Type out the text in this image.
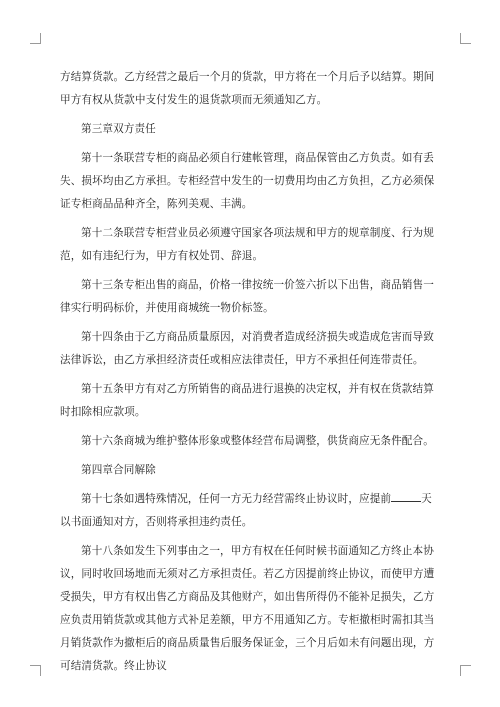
方结算货款。乙方经营之最后一个月的货款，甲方将在一个月后予以结算。期间甲方有权从货款中支付发生的退货款项而无须通知乙方。

第三章双方责任

第十一条联营专柜的商品必须自行建帐管理，商品保管由乙方负责。如有丢失、损坏均由乙方承担。专柜经营中发生的一切费用均由乙方负担，乙方必须保证专柜商品品种齐全，陈列美观、丰满。

第十二条联营专柜营业员必须遵守国家各项法规和甲方的规章制度、行为规范，如有违纪行为，甲方有权处罚、辞退。

第十三条专柜出售的商品，价格一律按统一价签六折以下出售，商品销售一律实行明码标价，并使用商城统一物价标签。

第十四条由于乙方商品质量原因，对消费者造成经济损失或造成危害而导致法律诉讼，由乙方承担经济责任或相应法律责任，甲方不承担任何连带责任。

第十五条甲方有对乙方所销售的商品进行退换的决定权，并有权在货款结算时扣除相应款项。

第十六条商城为维护整体形象或整体经营布局调整，供货商应无条件配合。

第四章合同解除

第十七条如遇特殊情况，任何一方无力经营需终止协议时，应提前	天以书面通知对方，否则将承担违约责任。

第十八条如发生下列事由之一，甲方有权在任何时候书面通知乙方终止本协议，同时收回场地而无须对乙方承担责任。若乙方因提前终止协议，而使甲方遭受损失，甲方有权出售乙方商品及其他财产，如出售所得仍不能补足损失，乙方应负责用销货款或其他方式补足差额，甲方不用通知乙方。专柜撤柜时需扣其当月销货款作为撤柜后的商品质量售后服务保证金，三个月后如未有问题出现，方可结清货款。终止协议
